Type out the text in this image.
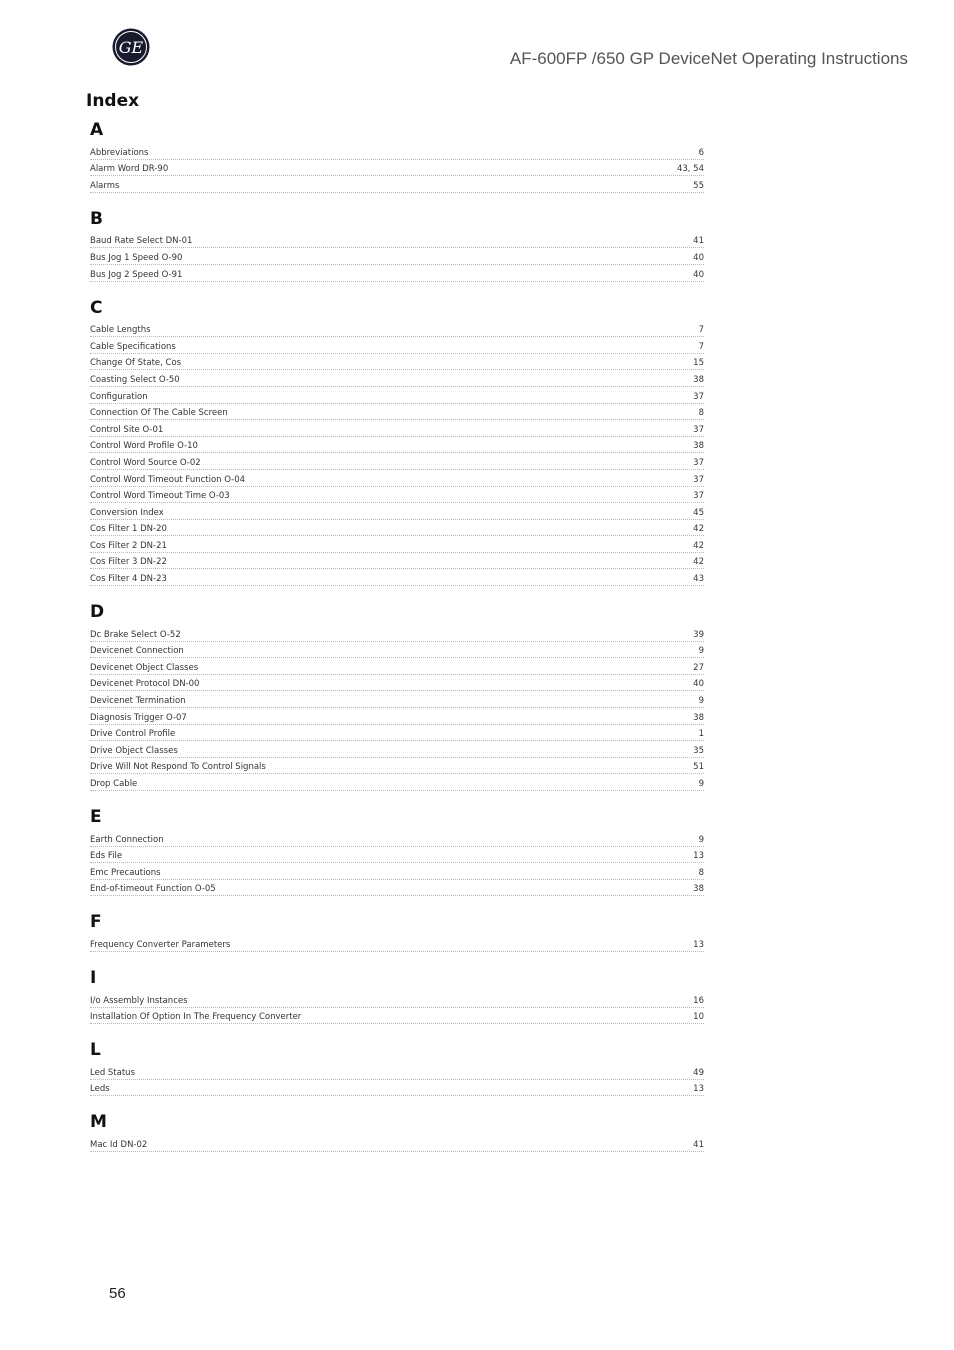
GE
AF-600FP /650 GP DeviceNet Operating Instructions
Index
A
Abbreviations	6
Alarm Word DR-90	43, 54
Alarms	55
B
Baud Rate Select DN-01	41
Bus Jog 1 Speed O-90	40
Bus Jog 2 Speed O-91	40
C
Cable Lengths	7
Cable Specifications	7
Change Of State, Cos	15
Coasting Select O-50	38
Configuration	37
Connection Of The Cable Screen	8
Control Site O-01	37
Control Word Profile O-10	38
Control Word Source O-02	37
Control Word Timeout Function O-04	37
Control Word Timeout Time O-03	37
Conversion Index	45
Cos Filter 1 DN-20	42
Cos Filter 2 DN-21	42
Cos Filter 3 DN-22	42
Cos Filter 4 DN-23	43
D
Dc Brake Select O-52	39
Devicenet Connection	9
Devicenet Object Classes	27
Devicenet Protocol DN-00	40
Devicenet Termination	9
Diagnosis Trigger O-07	38
Drive Control Profile	1
Drive Object Classes	35
Drive Will Not Respond To Control Signals	51
Drop Cable	9
E
Earth Connection	9
Eds File	13
Emc Precautions	8
End-of-timeout Function O-05	38
F
Frequency Converter Parameters	13
I
I/o Assembly Instances	16
Installation Of Option In The Frequency Converter	10
L
Led Status	49
Leds	13
M
Mac Id DN-02	41
56
